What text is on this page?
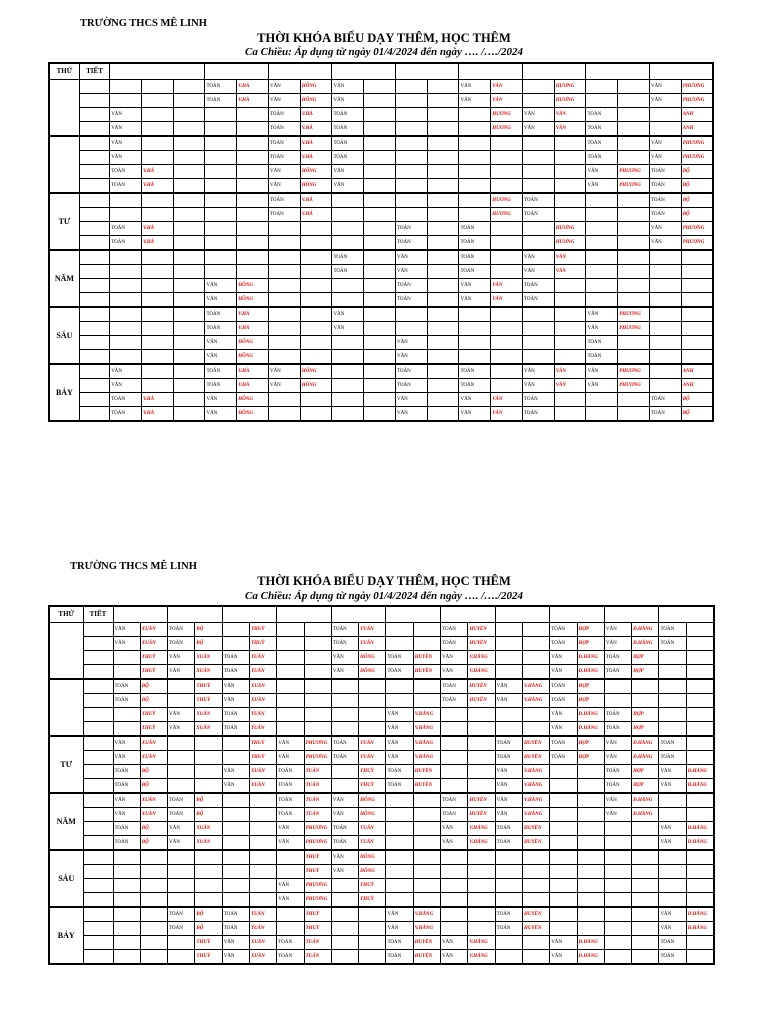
TRƯỜNG THCS MÊ LINH
THỜI KHÓA BIỂU DẠY THÊM, HỌC THÊM
Ca Chiều: Áp dụng từ ngày 01/4/2024 đến ngày …. /…./2024
THỨ	TIẾT																			
					TOÁN	V.HÀ	VĂN	HỒNG	VĂN				VĂN	VÂN		HƯƠNG			VĂN	PHƯƠNG
					TOÁN	V.HÀ	VĂN	HỒNG	VĂN				VĂN	VÂN		HƯƠNG			VĂN	PHƯƠNG
		VĂN					TOÁN	V.HÀ	TOÁN					HƯƠNG	VĂN	VÂN	TOÁN			ANH
		VĂN					TOÁN	V.HÀ	TOÁN					HƯƠNG	VĂN	VÂN	TOÁN			ANH
		VĂN					TOÁN	V.HÀ	TOÁN								TOÁN		VĂN	PHƯƠNG
		VĂN					TOÁN	V.HÀ	TOÁN								TOÁN		VĂN	PHƯƠNG
		TOÁN	V.HÀ				VĂN	HỒNG	VĂN								VĂN	PHƯƠNG	TOÁN	BỘ
		TOÁN	V.HÀ				VĂN	HỒNG	VĂN								VĂN	PHƯƠNG	TOÁN	BỘ
TƯ							TOÁN	V.HÀ						HƯƠNG	TOÁN				TOÁN	BỘ
							TOÁN	V.HÀ						HƯƠNG	TOÁN				TOÁN	BỘ
		TOÁN	V.HÀ								TOÁN		TOÁN			HƯƠNG			VĂN	PHƯƠNG
		TOÁN	V.HÀ								TOÁN		TOÁN			HƯƠNG			VĂN	PHƯƠNG
NĂM									TOÁN		VĂN		TOÁN		VĂN	VÂN				
									TOÁN		VĂN		TOÁN		VĂN	VÂN				
					VĂN	HỒNG					TOÁN		VĂN	VÂN	TOÁN					
					VĂN	HỒNG					TOÁN		VĂN	VÂN	TOÁN					
SÁU					TOÁN	V.HÀ			VĂN								VĂN	PHƯƠNG		
					TOÁN	V.HÀ			VĂN								VĂN	PHƯƠNG		
					VĂN	HỒNG					VĂN						TOÁN			
					VĂN	HỒNG					VĂN						TOÁN			
BẢY		VĂN			TOÁN	V.HÀ	VĂN	HỒNG			TOÁN		TOÁN		VĂN	VÂN	VĂN	PHƯƠNG		ANH
		VĂN			TOÁN	V.HÀ	VĂN	HỒNG			TOÁN		TOÁN		VĂN	VÂN	VĂN	PHƯƠNG		ANH
		TOÁN	V.HÀ		VĂN	HỒNG					VĂN		VĂN	VÂN	TOÁN				TOÁN	BỘ
		TOÁN	V.HÀ		VĂN	HỒNG					VĂN		VĂN	VÂN	TOÁN				TOÁN	BỘ
TRƯỜNG THCS MÊ LINH
THỜI KHÓA BIỂU DẠY THÊM, HỌC THÊM
Ca Chiều: Áp dụng từ ngày 01/4/2024 đến ngày …. /…./2024
THỨ	TIẾT																						
		VĂN	XUÂN	TOÁN	BỘ		THUỲ			TOÁN	TUẤN			TOÁN	HUYỀN			TOÁN	HỢP	VĂN	Đ.HẰNG	TOÁN	
		VĂN	XUÂN	TOÁN	BỘ		THUỲ			TOÁN	TUẤN			TOÁN	HUYỀN			TOÁN	HỢP	VĂN	Đ.HẰNG	TOÁN	
			THUỲ	VĂN	XUÂN	TOÁN	TUẤN			VĂN	HỒNG	TOÁN	HUYỀN	VĂN	V.HẰNG			VĂN	Đ.HẰNG	TOÁN	HỢP		
			THUỲ	VĂN	XUÂN	TOÁN	TUẤN			VĂN	HỒNG	TOÁN	HUYỀN	VĂN	V.HẰNG			VĂN	Đ.HẰNG	TOÁN	HỢP		
		TOÁN	BỘ		THUỲ	VĂN	XUÂN							TOÁN	HUYỀN	VĂN	V.HẰNG	TOÁN	HỢP				
		TOÁN	BỘ		THUỲ	VĂN	XUÂN							TOÁN	HUYỀN	VĂN	V.HẰNG	TOÁN	HỢP				
			THUỲ	VĂN	XUÂN	TOÁN	TUẤN					VĂN	V.HẰNG					VĂN	Đ.HẰNG	TOÁN	HỢP		
			THUỲ	VĂN	XUÂN	TOÁN	TUẤN					VĂN	V.HẰNG					VĂN	Đ.HẰNG	TOÁN	HỢP		
TƯ		VĂN	XUÂN				THUỲ	VĂN	PHƯƠNG	TOÁN	TUẤN	VĂN	V.HẰNG			TOÁN	HUYỀN	TOÁN	HỢP	VĂN	Đ.HẰNG	TOÁN	
		VĂN	XUÂN				THUỲ	VĂN	PHƯƠNG	TOÁN	TUẤN	VĂN	V.HẰNG			TOÁN	HUYỀN	TOÁN	HỢP	VĂN	Đ.HẰNG	TOÁN	
		TOÁN	BỘ			VĂN	XUÂN	TOÁN	TUẤN		THUỲ	TOÁN	HUYỀN			VĂN	V.HẰNG			TOÁN	HỢP	VĂN	Đ.HẰNG
		TOÁN	BỘ			VĂN	XUÂN	TOÁN	TUẤN		THUỲ	TOÁN	HUYỀN			VĂN	V.HẰNG			TOÁN	HỢP	VĂN	Đ.HẰNG
NĂM		VĂN	XUÂN	TOÁN	BỘ			TOÁN	TUẤN	VĂN	HỒNG			TOÁN	HUYỀN	VĂN	V.HẰNG			VĂN	Đ.HẰNG		
		VĂN	XUÂN	TOÁN	BỘ			TOÁN	TUẤN	VĂN	HỒNG			TOÁN	HUYỀN	VĂN	V.HẰNG			VĂN	Đ.HẰNG		
		TOÁN	BỘ	VĂN	XUÂN			VĂN	PHƯƠNG	TOÁN	TUẤN			VĂN	V.HẰNG	TOÁN	HUYỀN					VĂN	Đ.HẰNG
		TOÁN	BỘ	VĂN	XUÂN			VĂN	PHƯƠNG	TOÁN	TUẤN			VĂN	V.HẰNG	TOÁN	HUYỀN					VĂN	Đ.HẰNG
SÁU									THUỲ	VĂN	HỒNG												
									THUỲ	VĂN	HỒNG												
								VĂN	PHƯƠNG		THUỲ												
								VĂN	PHƯƠNG		THUỲ												
BẢY				TOÁN	BỘ	TOÁN	TUẤN		THUỲ			VĂN	V.HẰNG			TOÁN	HUYỀN					VĂN	Đ.HẰNG
				TOÁN	BỘ	TOÁN	TUẤN		THUỲ			VĂN	V.HẰNG			TOÁN	HUYỀN					VĂN	Đ.HẰNG
					THUỲ	VĂN	XUÂN	TOÁN	TUẤN			TOÁN	HUYỀN	VĂN	V.HẰNG			VĂN	Đ.HẰNG			TOÁN	
					THUỲ	VĂN	XUÂN	TOÁN	TUẤN			TOÁN	HUYỀN	VĂN	V.HẰNG			VĂN	Đ.HẰNG			TOÁN	
